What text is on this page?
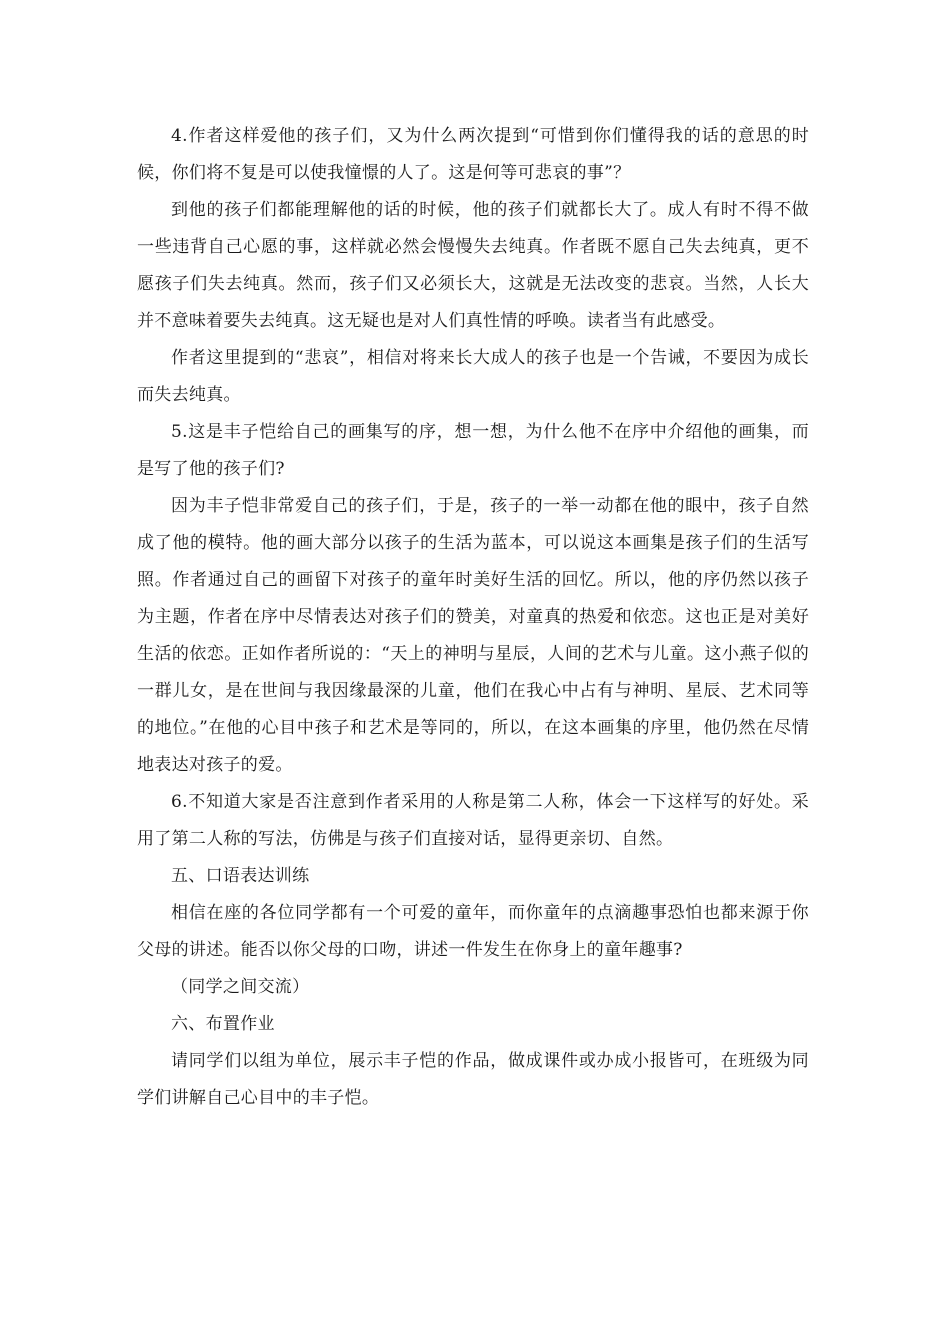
4.作者这样爱他的孩子们，又为什么两次提到“可惜到你们懂得我的话的意思的时候，你们将不复是可以使我憧憬的人了。这是何等可悲哀的事”？

到他的孩子们都能理解他的话的时候，他的孩子们就都长大了。成人有时不得不做一些违背自己心愿的事，这样就必然会慢慢失去纯真。作者既不愿自己失去纯真，更不愿孩子们失去纯真。然而，孩子们又必须长大，这就是无法改变的悲哀。当然，人长大并不意味着要失去纯真。这无疑也是对人们真性情的呼唤。读者当有此感受。

作者这里提到的“悲哀”，相信对将来长大成人的孩子也是一个告诫，不要因为成长而失去纯真。

5.这是丰子恺给自己的画集写的序，想一想，为什么他不在序中介绍他的画集，而是写了他的孩子们?

因为丰子恺非常爱自己的孩子们，于是，孩子的一举一动都在他的眼中，孩子自然成了他的模特。他的画大部分以孩子的生活为蓝本，可以说这本画集是孩子们的生活写照。作者通过自己的画留下对孩子的童年时美好生活的回忆。所以，他的序仍然以孩子为主题，作者在序中尽情表达对孩子们的赞美，对童真的热爱和依恋。这也正是对美好生活的依恋。正如作者所说的：“天上的神明与星辰，人间的艺术与儿童。这小燕子似的一群儿女，是在世间与我因缘最深的儿童，他们在我心中占有与神明、星辰、艺术同等的地位。”在他的心目中孩子和艺术是等同的，所以，在这本画集的序里，他仍然在尽情地表达对孩子的爱。

6.不知道大家是否注意到作者采用的人称是第二人称，体会一下这样写的好处。采用了第二人称的写法，仿佛是与孩子们直接对话，显得更亲切、自然。

五、口语表达训练

相信在座的各位同学都有一个可爱的童年，而你童年的点滴趣事恐怕也都来源于你父母的讲述。能否以你父母的口吻，讲述一件发生在你身上的童年趣事?

（同学之间交流）

六、布置作业

请同学们以组为单位，展示丰子恺的作品，做成课件或办成小报皆可，在班级为同学们讲解自己心目中的丰子恺。
